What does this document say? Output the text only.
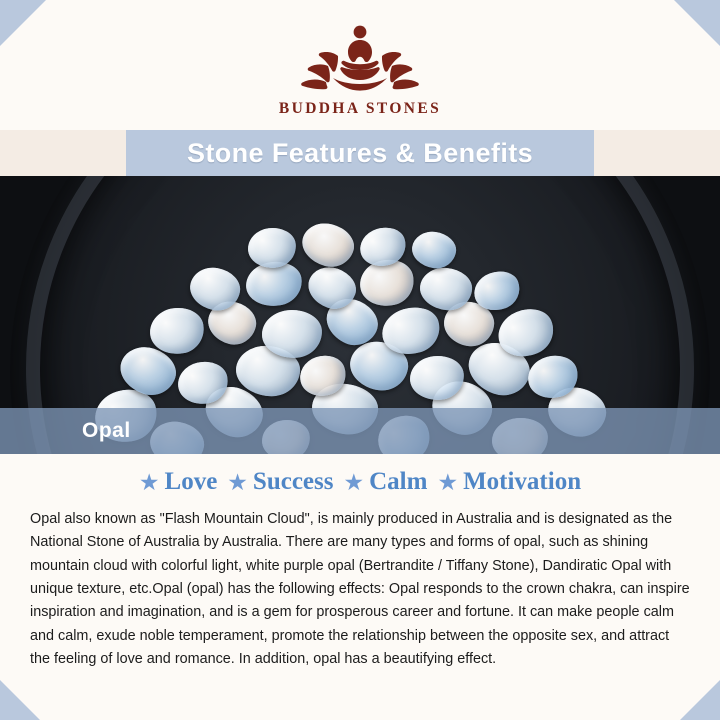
BUDDHA STONES
Stone Features & Benefits
Opal
★ Love ★ Success ★ Calm ★ Motivation
Opal also known as "Flash Mountain Cloud", is mainly produced in Australia and is designated as the National Stone of Australia by Australia. There are many types and forms of opal, such as shining mountain cloud with colorful light, white purple opal (Bertrandite / Tiffany Stone), Dandiratic Opal with unique texture, etc.Opal (opal) has the following effects: Opal responds to the crown chakra, can inspire inspiration and imagination, and is a gem for prosperous career and fortune. It can make people calm and calm, exude noble temperament, promote the relationship between the opposite sex, and attract the feeling of love and romance. In addition, opal has a beautifying effect.
